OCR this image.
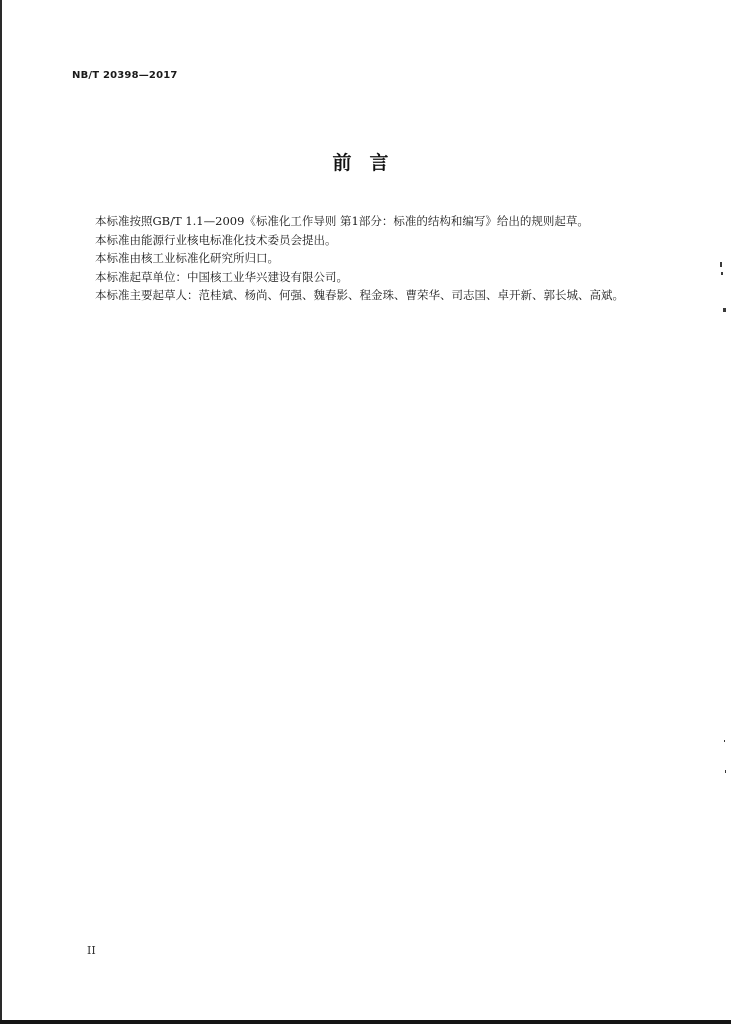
NB/T 20398—2017
前言

本标准按照GB/T 1.1—2009《标准化工作导则 第1部分：标准的结构和编写》给出的规则起草。

本标准由能源行业核电标准化技术委员会提出。

本标准由核工业标准化研究所归口。

本标准起草单位：中国核工业华兴建设有限公司。

本标准主要起草人：范桂斌、杨尚、何强、魏春影、程金珠、曹荣华、司志国、卓开新、郭长城、高斌。

II
